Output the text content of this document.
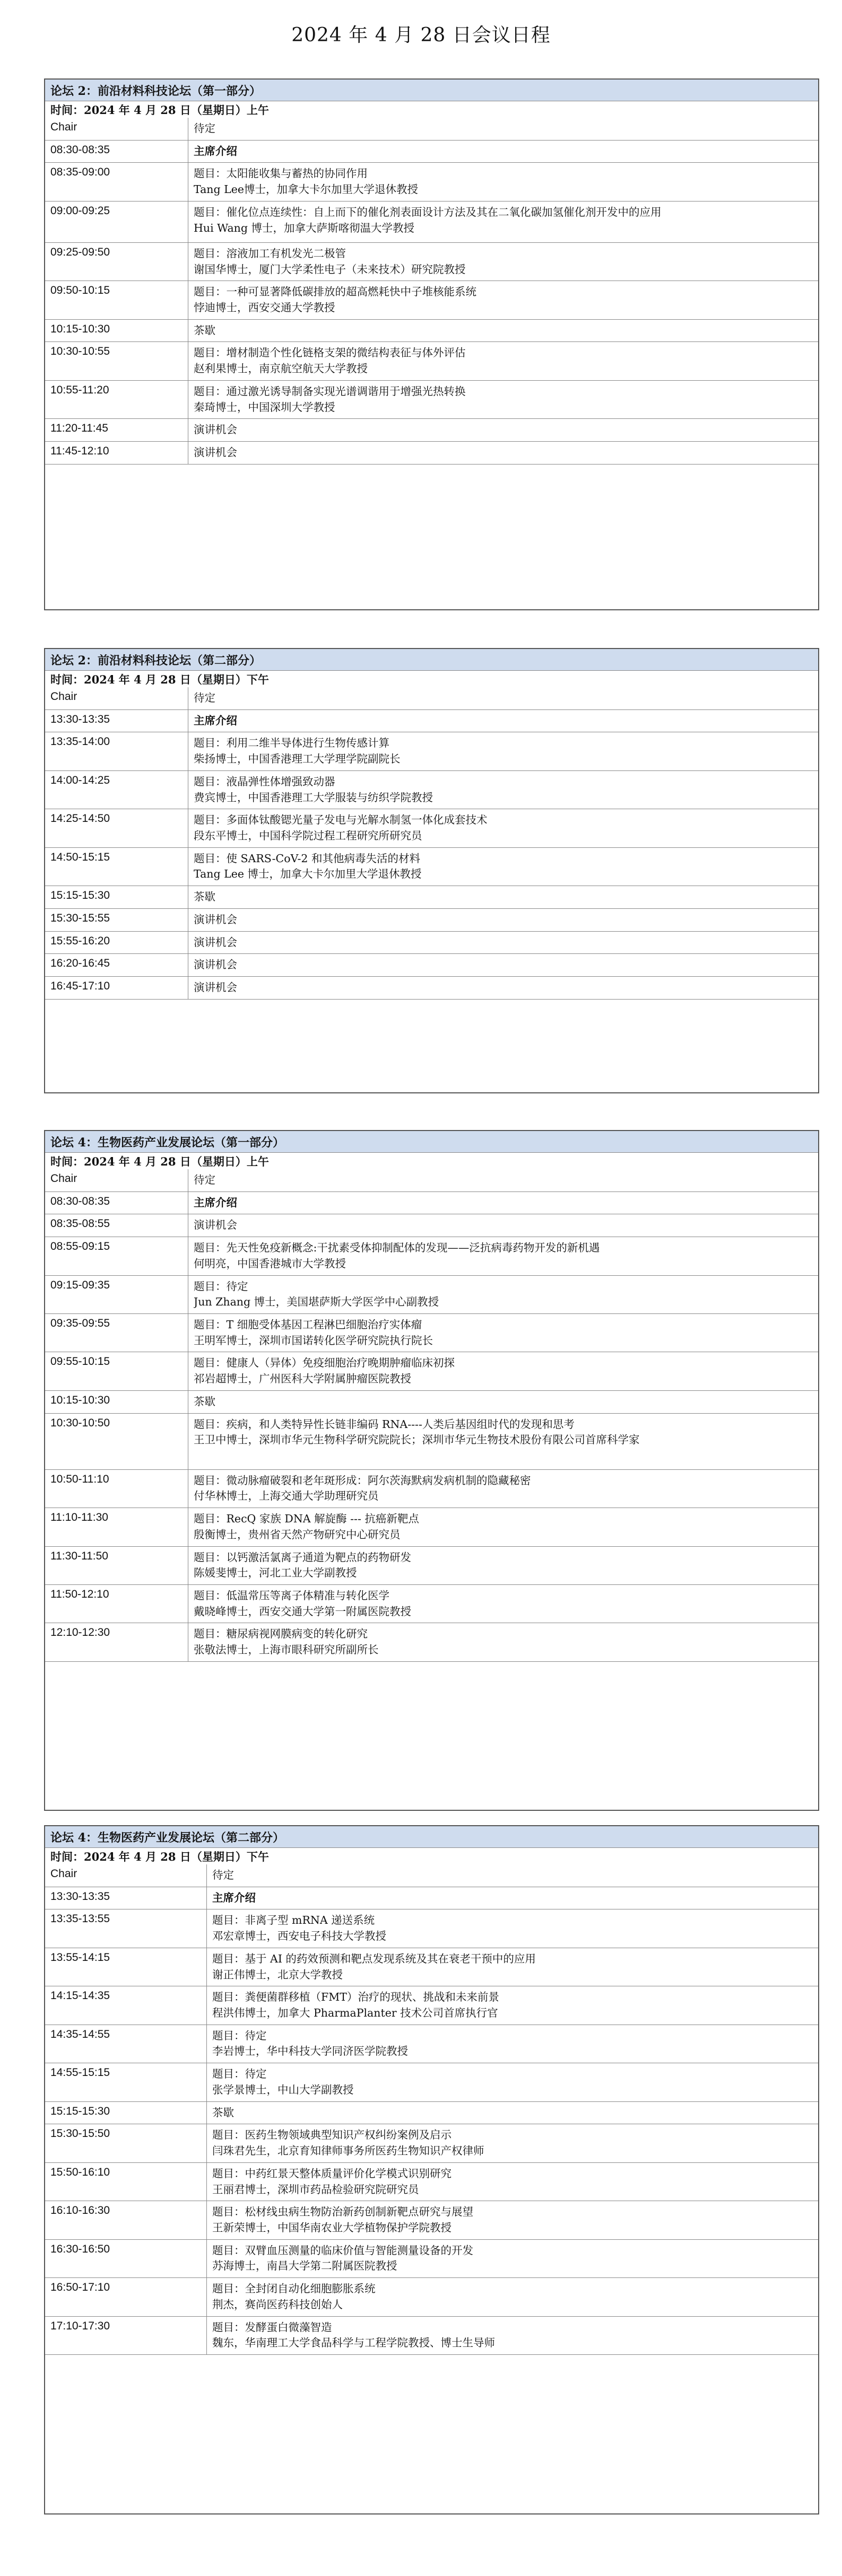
2024 年 4 月 28 日会议日程
论坛 2：前沿材料科技论坛（第一部分）
时间：2024 年 4 月 28 日（星期日）上午
Chair	待定
08:30-08:35	主席介绍
08:35-09:00	题目：太阳能收集与蓄热的协同作用
Tang Lee博士，加拿大卡尔加里大学退休教授
09:00-09:25	题目：催化位点连续性：自上而下的催化剂表面设计方法及其在二氧化碳加氢催化剂开发中的应用
Hui Wang 博士，加拿大萨斯喀彻温大学教授
09:25-09:50	题目：溶液加工有机发光二极管
谢国华博士，厦门大学柔性电子（未来技术）研究院教授
09:50-10:15	题目：一种可显著降低碳排放的超高燃耗快中子堆核能系统
悖迪博士，西安交通大学教授
10:15-10:30	茶歇
10:30-10:55	题目：增材制造个性化链格支架的微结构表征与体外评估
赵利果博士，南京航空航天大学教授
10:55-11:20	题目：通过激光诱导制备实现光谱调谐用于增强光热转换
秦琦博士，中国深圳大学教授
11:20-11:45	演讲机会
11:45-12:10	演讲机会
论坛 2：前沿材料科技论坛（第二部分）
时间：2024 年 4 月 28 日（星期日）下午
Chair	待定
13:30-13:35	主席介绍
13:35-14:00	题目：利用二维半导体进行生物传感计算
柴扬博士，中国香港理工大学理学院副院长
14:00-14:25	题目：液晶弹性体增强致动器
费宾博士，中国香港理工大学服装与纺织学院教授
14:25-14:50	题目：多面体钛酸锶光量子发电与光解水制氢一体化成套技术
段东平博士，中国科学院过程工程研究所研究员
14:50-15:15	题目：使 SARS-CoV-2 和其他病毒失活的材料
Tang Lee 博士，加拿大卡尔加里大学退休教授
15:15-15:30	茶歇
15:30-15:55	演讲机会
15:55-16:20	演讲机会
16:20-16:45	演讲机会
16:45-17:10	演讲机会
论坛 4：生物医药产业发展论坛（第一部分）
时间：2024 年 4 月 28 日（星期日）上午
Chair	待定
08:30-08:35	主席介绍
08:35-08:55	演讲机会
08:55-09:15	题目：先天性免疫新概念:干扰素受体抑制配体的发现——泛抗病毒药物开发的新机遇
何明亮，中国香港城市大学教授
09:15-09:35	题目：待定
Jun Zhang 博士，美国堪萨斯大学医学中心副教授
09:35-09:55	题目：T 细胞受体基因工程淋巴细胞治疗实体瘤
王明军博士，深圳市国诺转化医学研究院执行院长
09:55-10:15	题目：健康人（异体）免疫细胞治疗晚期肿瘤临床初探
祁岩超博士，广州医科大学附属肿瘤医院教授
10:15-10:30	茶歇
10:30-10:50	题目：疾病，和人类特异性长链非编码 RNA----人类后基因组时代的发现和思考
王卫中博士，深圳市华元生物科学研究院院长；深圳市华元生物技术股份有限公司首席科学家
10:50-11:10	题目：微动脉瘤破裂和老年斑形成：阿尔茨海默病发病机制的隐藏秘密
付华林博士，上海交通大学助理研究员
11:10-11:30	题目：RecQ 家族 DNA 解旋酶 --- 抗癌新靶点
殷衡博士，贵州省天然产物研究中心研究员
11:30-11:50	题目：以钙激活氯离子通道为靶点的药物研发
陈媛斐博士，河北工业大学副教授
11:50-12:10	题目：低温常压等离子体精准与转化医学
戴晓峰博士，西安交通大学第一附属医院教授
12:10-12:30	题目：糖尿病视网膜病变的转化研究
张敬法博士，上海市眼科研究所副所长
论坛 4：生物医药产业发展论坛（第二部分）
时间：2024 年 4 月 28 日（星期日）下午
Chair	待定
13:30-13:35	主席介绍
13:35-13:55	题目：非离子型 mRNA 递送系统
邓宏章博士，西安电子科技大学教授
13:55-14:15	题目：基于 AI 的药效预测和靶点发现系统及其在衰老干预中的应用
谢正伟博士，北京大学教授
14:15-14:35	题目：粪便菌群移植（FMT）治疗的现状、挑战和未来前景
程洪伟博士，加拿大 PharmaPlanter 技术公司首席执行官
14:35-14:55	题目：待定
李岩博士，华中科技大学同济医学院教授
14:55-15:15	题目：待定
张学景博士，中山大学副教授
15:15-15:30	茶歇
15:30-15:50	题目：医药生物领域典型知识产权纠纷案例及启示
闫珠君先生，北京育知律师事务所医药生物知识产权律师
15:50-16:10	题目：中药红景天整体质量评价化学模式识别研究
王丽君博士，深圳市药品检验研究院研究员
16:10-16:30	题目：松材线虫病生物防治新药创制新靶点研究与展望
王新荣博士，中国华南农业大学植物保护学院教授
16:30-16:50	题目：双臂血压测量的临床价值与智能测量设备的开发
苏海博士，南昌大学第二附属医院教授
16:50-17:10	题目：全封闭自动化细胞膨胀系统
荆杰，赛尚医药科技创始人
17:10-17:30	题目：发酵蛋白微藻智造
魏东，华南理工大学食品科学与工程学院教授、博士生导师
